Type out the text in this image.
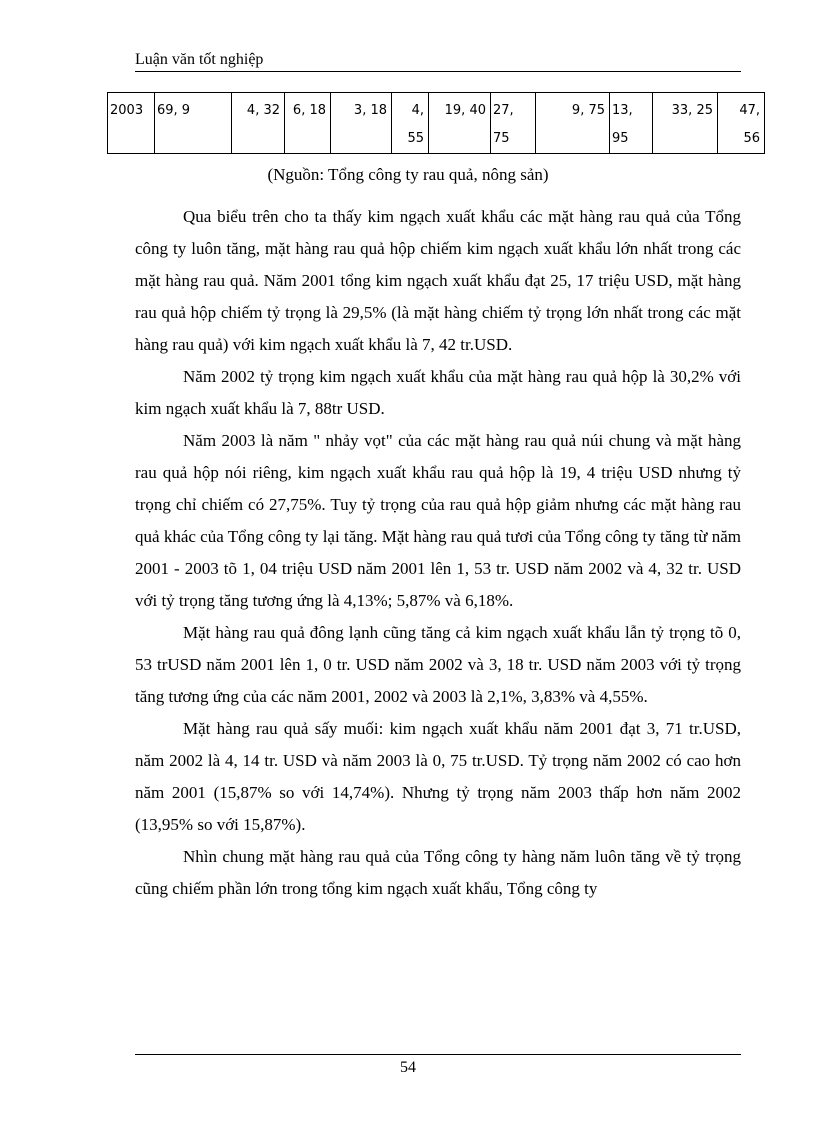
Luận văn tốt nghiệp
2003	69, 9	4, 32	6, 18	3, 18	4, 55	19, 40	27, 75	9, 75	13, 95	33, 25	47, 56
(Nguồn: Tổng công ty rau quả, nông sản)

Qua biểu trên cho ta thấy kim ngạch xuất khẩu các mặt hàng rau quả của Tổng công ty luôn tăng, mặt hàng rau quả hộp chiếm kim ngạch xuất khẩu lớn nhất trong các mặt hàng rau quả. Năm 2001 tổng kim ngạch xuất khẩu đạt 25, 17 triệu USD, mặt hàng rau quả hộp chiếm tỷ trọng là 29,5% (là mặt hàng chiếm tỷ trọng lớn nhất trong các mặt hàng rau quả) với kim ngạch xuất khẩu là 7, 42 tr.USD.

Năm 2002 tỷ trọng kim ngạch xuất khẩu của mặt hàng rau quả hộp là 30,2% với kim ngạch xuất khẩu là 7, 88tr USD.

Năm 2003 là năm " nhảy vọt" của các mặt hàng rau quả núi chung và mặt hàng rau quả hộp nói riêng, kim ngạch xuất khẩu rau quả hộp là 19, 4 triệu USD nhưng tỷ trọng chỉ chiếm có 27,75%. Tuy tỷ trọng của rau quả hộp giảm nhưng các mặt hàng rau quả khác của Tổng công ty lại tăng. Mặt hàng rau quả tươi của Tổng công ty tăng từ năm 2001 - 2003 tõ 1, 04 triệu USD năm 2001 lên 1, 53 tr. USD năm 2002 và 4, 32 tr. USD với tỷ trọng tăng tương ứng là 4,13%; 5,87% và 6,18%.

Mặt hàng rau quả đông lạnh cũng tăng cả kim ngạch xuất khẩu lẫn tỷ trọng tõ 0, 53 trUSD năm 2001 lên 1, 0 tr. USD năm 2002 và 3, 18 tr. USD năm 2003 với tỷ trọng tăng tương ứng của các năm 2001, 2002 và 2003 là 2,1%, 3,83% và 4,55%.

Mặt hàng rau quả sấy muối: kim ngạch xuất khẩu năm 2001 đạt 3, 71 tr.USD, năm 2002 là 4, 14 tr. USD và năm 2003 là 0, 75 tr.USD. Tỷ trọng năm 2002 có cao hơn năm 2001 (15,87% so với 14,74%). Nhưng tỷ trọng năm 2003 thấp hơn năm 2002 (13,95% so với 15,87%).

Nhìn chung mặt hàng rau quả của Tổng công ty hàng năm luôn tăng về tỷ trọng cũng chiếm phần lớn trong tổng kim ngạch xuất khẩu, Tổng công ty

54
